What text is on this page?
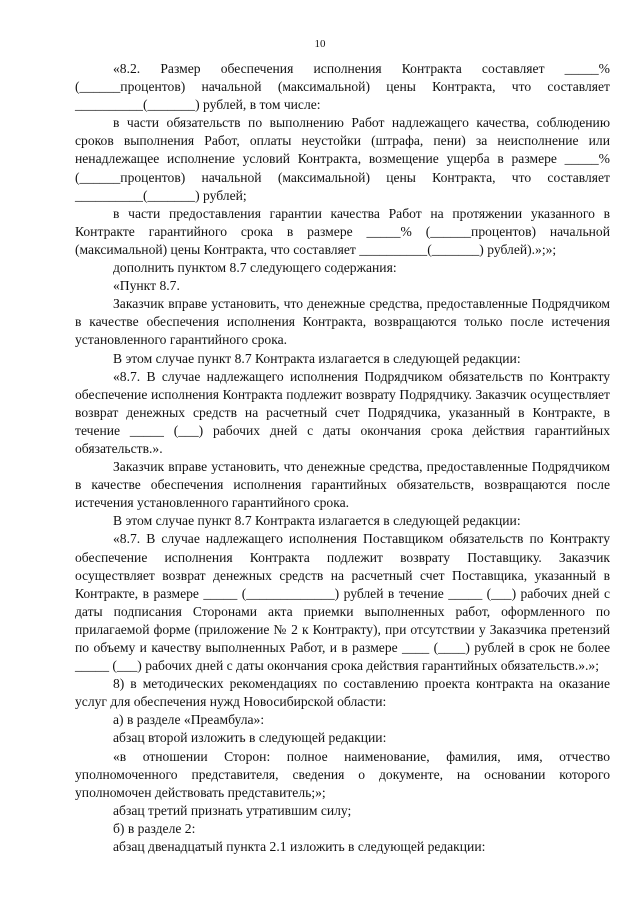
10

«8.2. Размер обеспечения исполнения Контракта составляет _____% (______процентов) начальной (максимальной) цены Контракта, что составляет __________(_______) рублей, в том числе:

в части обязательств по выполнению Работ надлежащего качества, соблюдению сроков выполнения Работ, оплаты неустойки (штрафа, пени) за неисполнение или ненадлежащее исполнение условий Контракта, возмещение ущерба в размере _____% (______процентов) начальной (максимальной) цены Контракта, что составляет __________(_______) рублей;

в части предоставления гарантии качества Работ на протяжении указанного в Контракте гарантийного срока в размере _____% (______процентов) начальной (максимальной) цены Контракта, что составляет __________(_______) рублей).»;»;

дополнить пунктом 8.7 следующего содержания:

«Пункт 8.7.

Заказчик вправе установить, что денежные средства, предоставленные Подрядчиком в качестве обеспечения исполнения Контракта, возвращаются только после истечения установленного гарантийного срока.

В этом случае пункт 8.7 Контракта излагается в следующей редакции:

«8.7. В случае надлежащего исполнения Подрядчиком обязательств по Контракту обеспечение исполнения Контракта подлежит возврату Подрядчику. Заказчик осуществляет возврат денежных средств на расчетный счет Подрядчика, указанный в Контракте, в течение _____ (___) рабочих дней с даты окончания срока действия гарантийных обязательств.».

Заказчик вправе установить, что денежные средства, предоставленные Подрядчиком в качестве обеспечения исполнения гарантийных обязательств, возвращаются после истечения установленного гарантийного срока.

В этом случае пункт 8.7 Контракта излагается в следующей редакции:

«8.7. В случае надлежащего исполнения Поставщиком обязательств по Контракту обеспечение исполнения Контракта подлежит возврату Поставщику. Заказчик осуществляет возврат денежных средств на расчетный счет Поставщика, указанный в Контракте, в размере _____ (_____________) рублей в течение _____ (___) рабочих дней с даты подписания Сторонами акта приемки выполненных работ, оформленного по прилагаемой форме (приложение № 2 к Контракту), при отсутствии у Заказчика претензий по объему и качеству выполненных Работ, и в размере ____ (____) рублей в срок не более _____ (___) рабочих дней с даты окончания срока действия гарантийных обязательств.».»;

8) в методических рекомендациях по составлению проекта контракта на оказание услуг для обеспечения нужд Новосибирской области:

а) в разделе «Преамбула»:

абзац второй изложить в следующей редакции:

«в отношении Сторон: полное наименование, фамилия, имя, отчество уполномоченного представителя, сведения о документе, на основании которого уполномочен действовать представитель;»;

абзац третий признать утратившим силу;

б) в разделе 2:

абзац двенадцатый пункта 2.1 изложить в следующей редакции:
